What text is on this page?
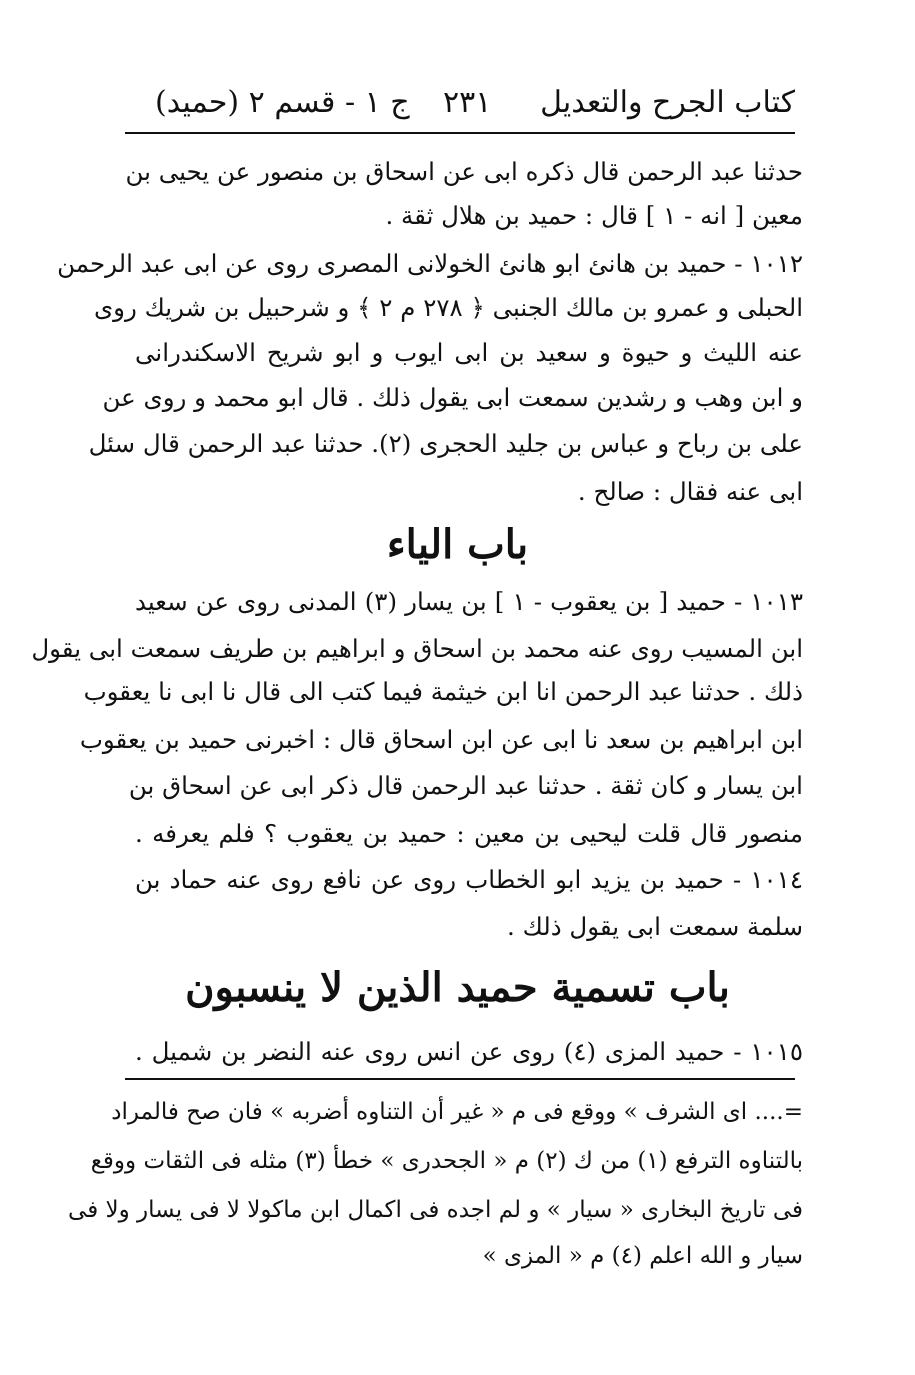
كتاب الجرح والتعديل
٢٣١
(حميد) ج ١ - قسم ٢
حدثنا عبد الرحمن قال ذكره ابى عن اسحاق بن منصور عن يحيى بن
معين [ انه - ١ ] قال : حميد بن هلال ثقة .
١٠١٢ - حميد بن هانئ ابو هانئ الخولانى المصرى روى عن ابى عبد الرحمن
الحبلى و عمرو بن مالك الجنبى ﴿ ٢٧٨ م ٢ ﴾ و شرحبيل بن شريك روى
عنه الليث و حيوة و سعيد بن ابى ايوب و ابو شريح الاسكندرانى
و ابن وهب و رشدين سمعت ابى يقول ذلك . قال ابو محمد و روى عن
على بن رباح و عباس بن جليد الحجرى (٢). حدثنا عبد الرحمن قال سئل
ابى عنه فقال : صالح .
باب الياء
١٠١٣ - حميد [ بن يعقوب - ١ ] بن يسار (٣) المدنى روى عن سعيد
ابن المسيب روى عنه محمد بن اسحاق و ابراهيم بن طريف سمعت ابى يقول
ذلك . حدثنا عبد الرحمن انا ابن خيثمة فيما كتب الى قال نا ابى نا يعقوب
ابن ابراهيم بن سعد نا ابى عن ابن اسحاق قال : اخبرنى حميد بن يعقوب
ابن يسار و كان ثقة . حدثنا عبد الرحمن قال ذكر ابى عن اسحاق بن
منصور قال قلت ليحيى بن معين : حميد بن يعقوب ؟ فلم يعرفه .
١٠١٤ - حميد بن يزيد ابو الخطاب روى عن نافع روى عنه حماد بن
سلمة سمعت ابى يقول ذلك .
باب تسمية حميد الذين لا ينسبون
١٠١٥ - حميد المزى (٤) روى عن انس روى عنه النضر بن شميل .
=.... اى الشرف » ووقع فى م « غير أن التناوه أضربه » فان صح فالمراد
بالتناوه الترفع (١) من ك (٢) م « الجحدرى » خطأ (٣) مثله فى الثقات ووقع
فى تاريخ البخارى « سيار » و لم اجده فى اكمال ابن ماكولا لا فى يسار ولا فى
سيار و الله اعلم (٤) م « المزى »
